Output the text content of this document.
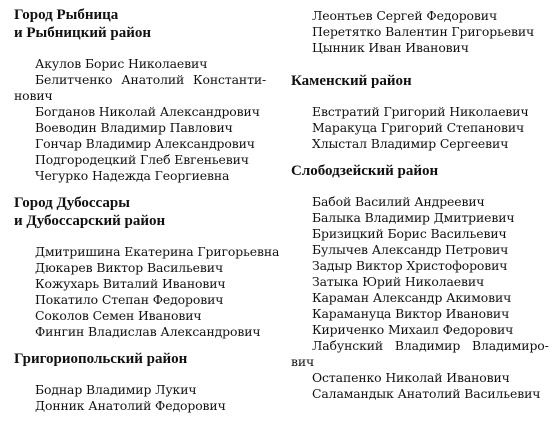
Город Рыбница
и Рыбницкий район
Акулов Борис Николаевич
Белитченко Анатолий Константи-
нович
Богданов Николай Александрович
Воеводин Владимир Павлович
Гончар Владимир Александрович
Подгородецкий Глеб Евгеньевич
Чегурко Надежда Георгиевна
Город Дубоссары
и Дубоссарский район
Дмитришина Екатерина Григорьевна
Дюкарев Виктор Васильевич
Кожухарь Виталий Иванович
Покатило Степан Федорович
Соколов Семен Иванович
Фингин Владислав Александрович
Григориопольский район
Боднар Владимир Лукич
Донник Анатолий Федорович
Леонтьев Сергей Федорович
Перетятко Валентин Григорьевич
Цынник Иван Иванович
Каменский район
Евстратий Григорий Николаевич
Маракуца Григорий Степанович
Хлыстал Владимир Сергеевич
Слободзейский район
Бабой Василий Андреевич
Балыка Владимир Дмитриевич
Бризицкий Борис Васильевич
Булычев Александр Петрович
Задыр Виктор Христофорович
Затыка Юрий Николаевич
Караман Александр Акимович
Карамануца Виктор Иванович
Кириченко Михаил Федорович
Лабунский Владимир Владимиро-
вич
Остапенко Николай Иванович
Саламандык Анатолий Васильевич
